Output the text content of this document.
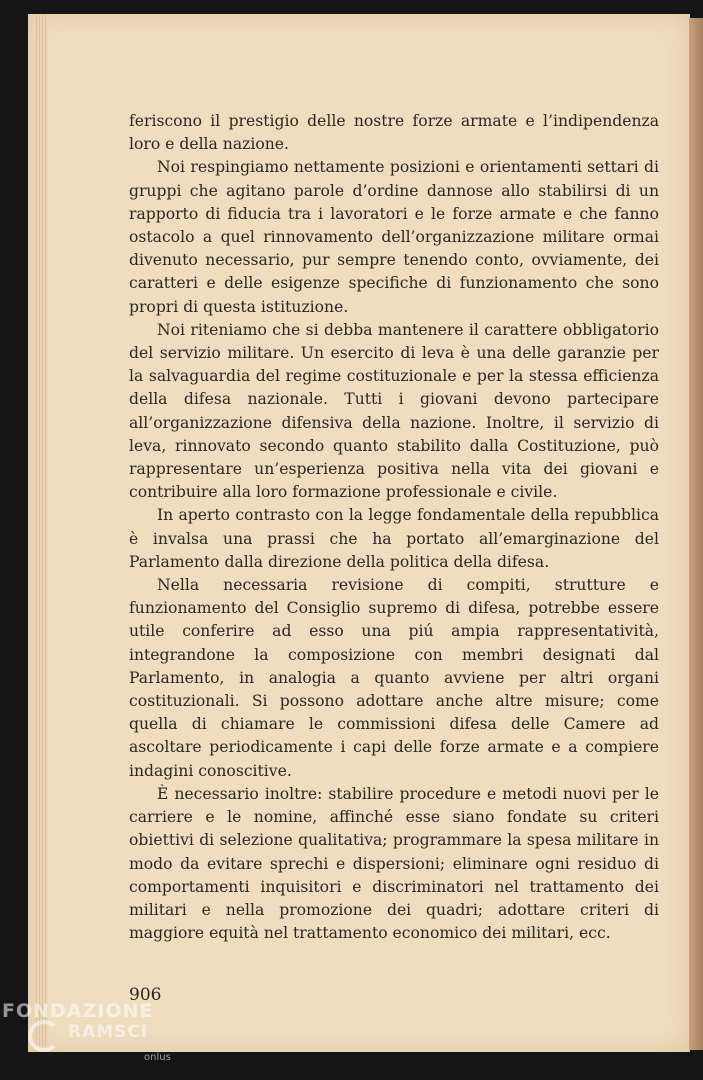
feriscono il prestigio delle nostre forze armate e l’indipendenza loro e della nazione.

Noi respingiamo nettamente posizioni e orientamenti settari di gruppi che agitano parole d’ordine dannose allo stabilirsi di un rapporto di fiducia tra i lavoratori e le forze armate e che fanno ostacolo a quel rinnovamento dell’organizzazione militare ormai divenuto necessario, pur sempre tenendo conto, ovviamente, dei caratteri e delle esigenze specifiche di funzionamento che sono propri di questa istituzione.

Noi riteniamo che si debba mantenere il carattere obbligatorio del servizio militare. Un esercito di leva è una delle garanzie per la salvaguardia del regime costituzionale e per la stessa efficienza della difesa nazionale. Tutti i giovani devono partecipare all’organizzazione difensiva della nazione. Inoltre, il servizio di leva, rinnovato secondo quanto stabilito dalla Costituzione, può rappresentare un’esperienza positiva nella vita dei giovani e contribuire alla loro formazione professionale e civile.

In aperto contrasto con la legge fondamentale della repubblica è invalsa una prassi che ha portato all’emarginazione del Parlamento dalla direzione della politica della difesa.

Nella necessaria revisione di compiti, strutture e funzionamento del Consiglio supremo di difesa, potrebbe essere utile conferire ad esso una piú ampia rappresentatività, integrandone la composizione con membri designati dal Parlamento, in analogia a quanto avviene per altri organi costituzionali. Si possono adottare anche altre misure; come quella di chiamare le commissioni difesa delle Camere ad ascoltare periodicamente i capi delle forze armate e a compiere indagini conoscitive.

È necessario inoltre: stabilire procedure e metodi nuovi per le carriere e le nomine, affinché esse siano fondate su criteri obiettivi di selezione qualitativa; programmare la spesa militare in modo da evitare sprechi e dispersioni; eliminare ogni residuo di comportamenti inquisitori e discriminatori nel trattamento dei militari e nella promozione dei quadri; adottare criteri di maggiore equità nel trattamento economico dei militari, ecc.

906
FONDAZIONE
RAMSCI
onlus
